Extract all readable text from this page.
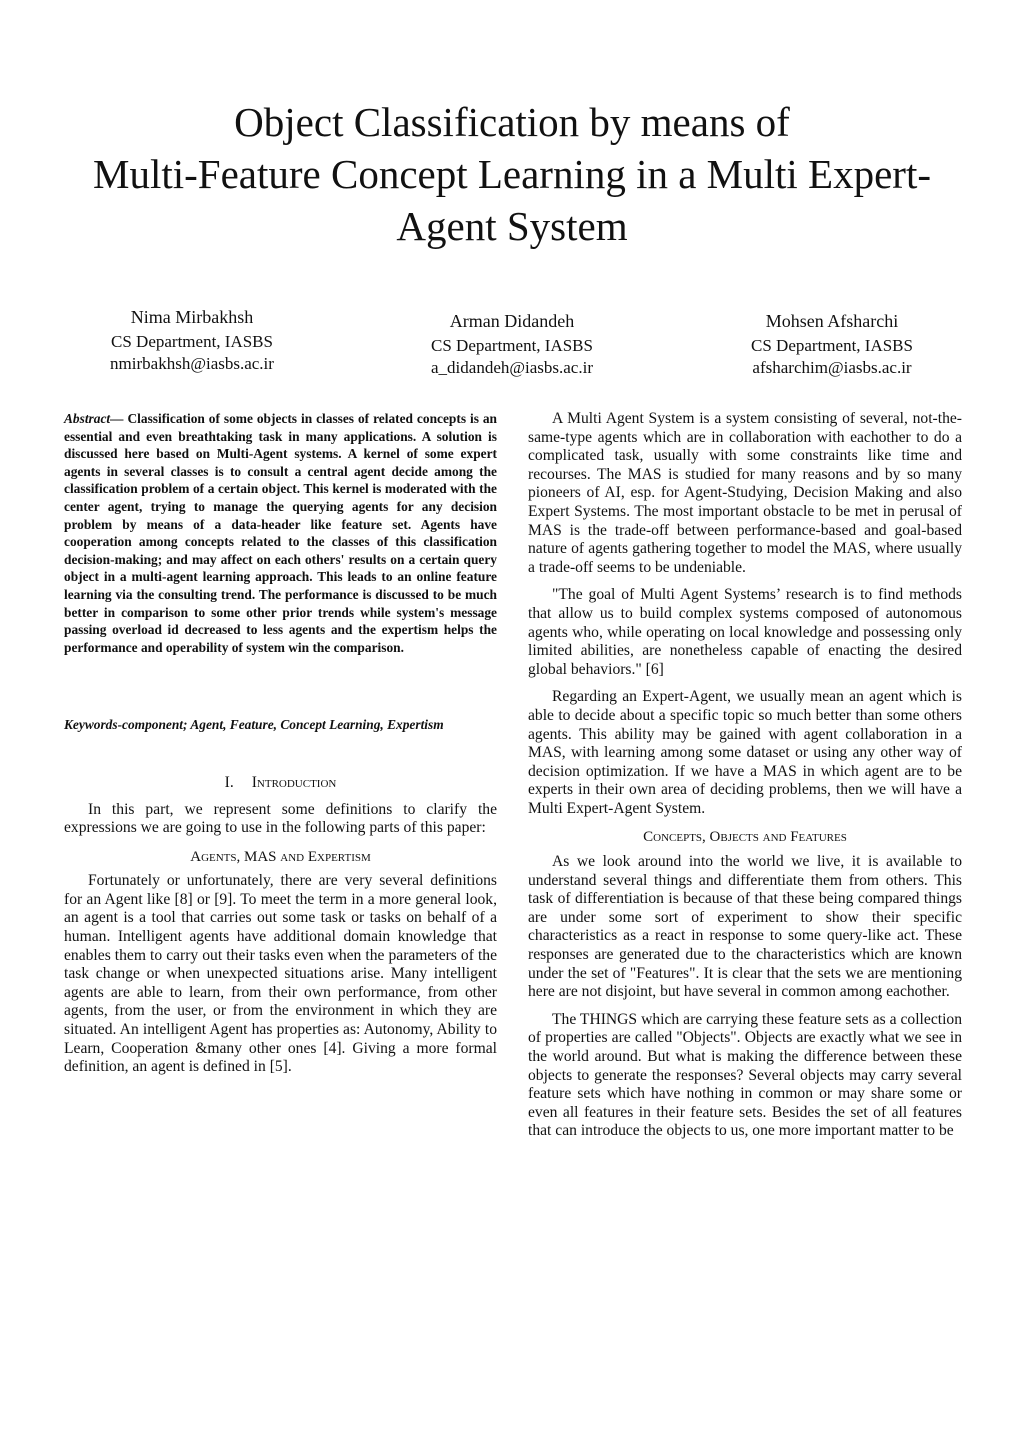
Object Classification by means of
Multi-Feature Concept Learning in a Multi Expert-
Agent System
Nima Mirbakhsh
CS Department, IASBS
nmirbakhsh@iasbs.ac.ir
Arman Didandeh
CS Department, IASBS
a_didandeh@iasbs.ac.ir
Mohsen Afsharchi
CS Department, IASBS
afsharchim@iasbs.ac.ir

Abstract— Classification of some objects in classes of related concepts is an essential and even breathtaking task in many applications. A solution is discussed here based on Multi-Agent systems. A kernel of some expert agents in several classes is to consult a central agent decide among the classification problem of a certain object. This kernel is moderated with the center agent, trying to manage the querying agents for any decision problem by means of a data-header like feature set. Agents have cooperation among concepts related to the classes of this classification decision-making; and may affect on each others' results on a certain query object in a multi-agent learning approach. This leads to an online feature learning via the consulting trend. The performance is discussed to be much better in comparison to some other prior trends while system's message passing overload id decreased to less agents and the expertism helps the performance and operability of system win the comparison.

Keywords-component; Agent, Feature, Concept Learning, Expertism

I. Introduction

In this part, we represent some definitions to clarify the expressions we are going to use in the following parts of this paper:

Agents, MAS and Expertism

Fortunately or unfortunately, there are very several definitions for an Agent like [8] or [9]. To meet the term in a more general look, an agent is a tool that carries out some task or tasks on behalf of a human. Intelligent agents have additional domain knowledge that enables them to carry out their tasks even when the parameters of the task change or when unexpected situations arise. Many intelligent agents are able to learn, from their own performance, from other agents, from the user, or from the environment in which they are situated. An intelligent Agent has properties as: Autonomy, Ability to Learn, Cooperation &many other ones [4]. Giving a more formal definition, an agent is defined in [5].

A Multi Agent System is a system consisting of several, not-the-same-type agents which are in collaboration with eachother to do a complicated task, usually with some constraints like time and recourses. The MAS is studied for many reasons and by so many pioneers of AI, esp. for Agent-Studying, Decision Making and also Expert Systems. The most important obstacle to be met in perusal of MAS is the trade-off between performance-based and goal-based nature of agents gathering together to model the MAS, where usually a trade-off seems to be undeniable.

"The goal of Multi Agent Systems’ research is to find methods that allow us to build complex systems composed of autonomous agents who, while operating on local knowledge and possessing only limited abilities, are nonetheless capable of enacting the desired global behaviors." [6]

Regarding an Expert-Agent, we usually mean an agent which is able to decide about a specific topic so much better than some others agents. This ability may be gained with agent collaboration in a MAS, with learning among some dataset or using any other way of decision optimization. If we have a MAS in which agent are to be experts in their own area of deciding problems, then we will have a Multi Expert-Agent System.

Concepts, Objects and Features

As we look around into the world we live, it is available to understand several things and differentiate them from others. This task of differentiation is because of that these being compared things are under some sort of experiment to show their specific characteristics as a react in response to some query-like act. These responses are generated due to the characteristics which are known under the set of "Features". It is clear that the sets we are mentioning here are not disjoint, but have several in common among eachother.

The THINGS which are carrying these feature sets as a collection of properties are called "Objects". Objects are exactly what we see in the world around. But what is making the difference between these objects to generate the responses? Several objects may carry several feature sets which have nothing in common or may share some or even all features in their feature sets. Besides the set of all features that can introduce the objects to us, one more important matter to be
